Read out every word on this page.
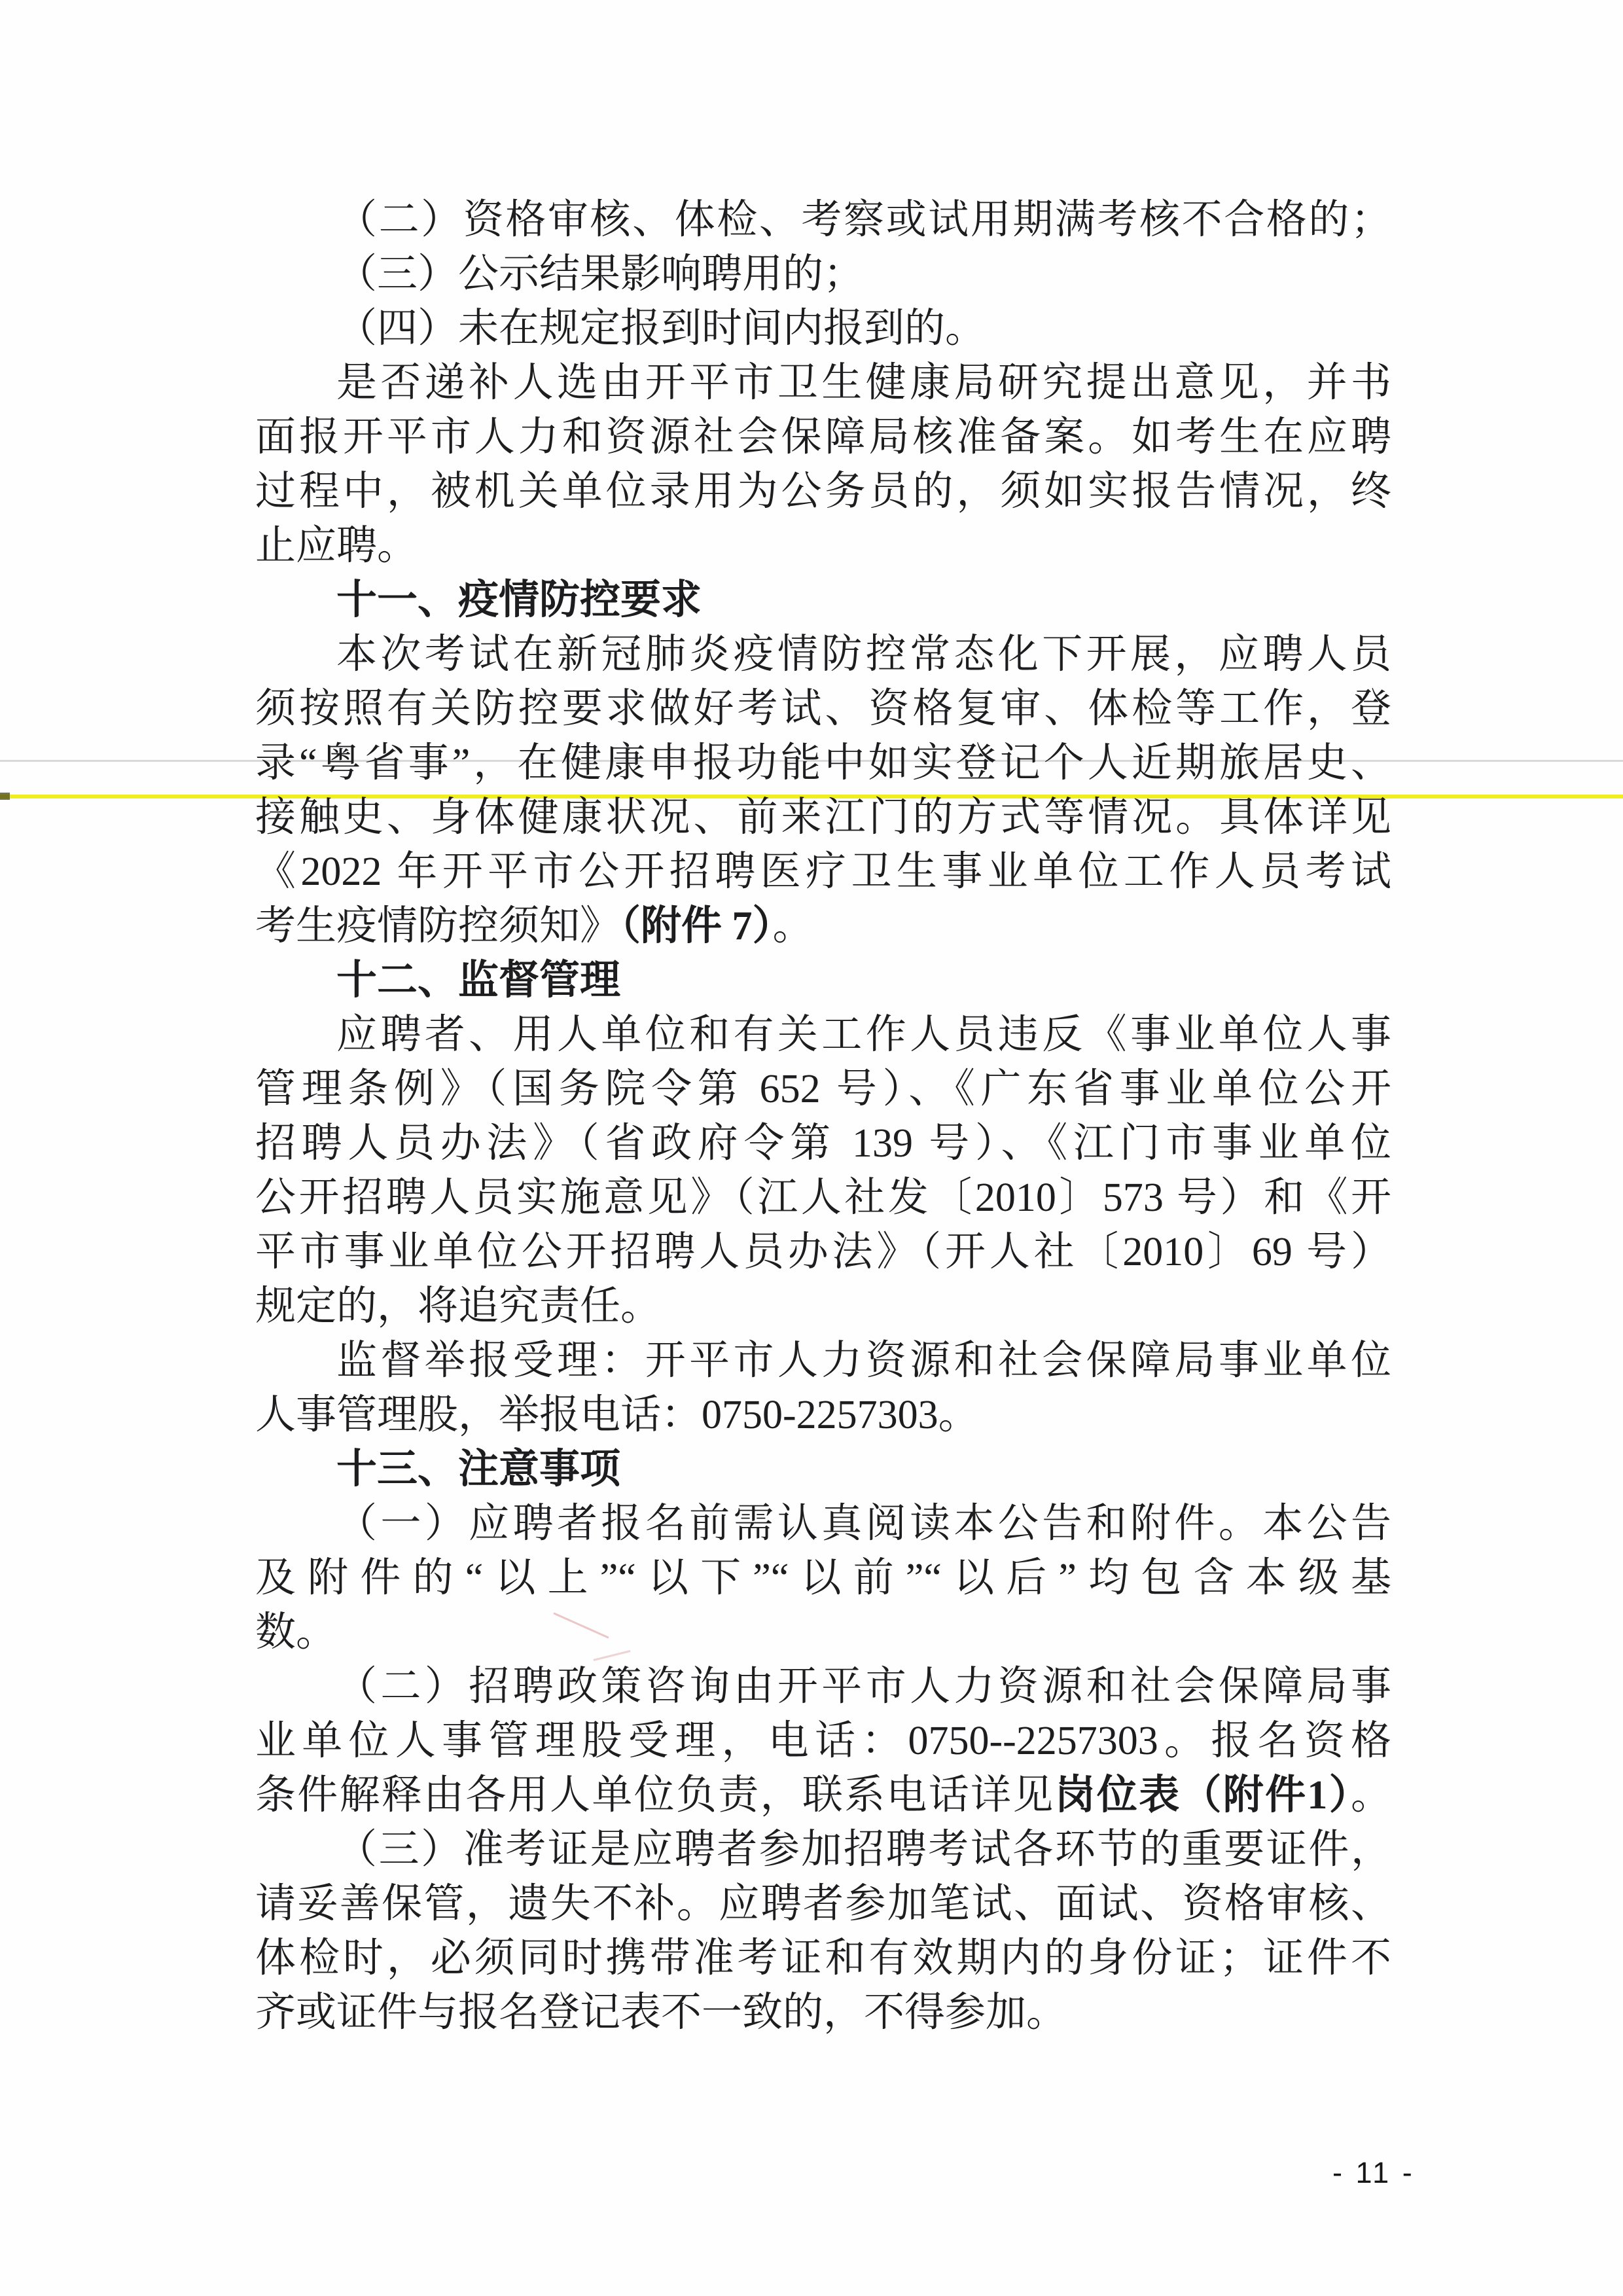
（二）资格审核、体检、考察或试用期满考核不合格的；
（三）公示结果影响聘用的；
（四）未在规定报到时间内报到的。
是否递补人选由开平市卫生健康局研究提出意见，并书
面报开平市人力和资源社会保障局核准备案。如考生在应聘
过程中，被机关单位录用为公务员的，须如实报告情况，终
止应聘。
十一、疫情防控要求
本次考试在新冠肺炎疫情防控常态化下开展，应聘人员
须按照有关防控要求做好考试、资格复审、体检等工作，登
录“粤省事”，在健康申报功能中如实登记个人近期旅居史、
接触史、身体健康状况、前来江门的方式等情况。具体详见
《2022 年开平市公开招聘医疗卫生事业单位工作人员考试
考生疫情防控须知》（附件 7）。
十二、监督管理
应聘者、用人单位和有关工作人员违反《事业单位人事
管理条例》（国务院令第 652 号）、《广东省事业单位公开
招聘人员办法》（省政府令第 139 号）、《江门市事业单位
公开招聘人员实施意见》（江人社发〔2010〕573 号）和《开
平市事业单位公开招聘人员办法》（开人社〔2010〕69 号）
规定的，将追究责任。
监督举报受理：开平市人力资源和社会保障局事业单位
人事管理股，举报电话：0750-2257303。
十三、注意事项
（一）应聘者报名前需认真阅读本公告和附件。本公告
及附件的“以上”“以下”“以前”“以后”均包含本级基
数。
（二）招聘政策咨询由开平市人力资源和社会保障局事
业单位人事管理股受理，电话：0750--2257303。报名资格
条件解释由各用人单位负责，联系电话详见岗位表（附件1）。
（三）准考证是应聘者参加招聘考试各环节的重要证件，
请妥善保管，遗失不补。应聘者参加笔试、面试、资格审核、
体检时，必须同时携带准考证和有效期内的身份证；证件不
齐或证件与报名登记表不一致的，不得参加。
- 11 -
